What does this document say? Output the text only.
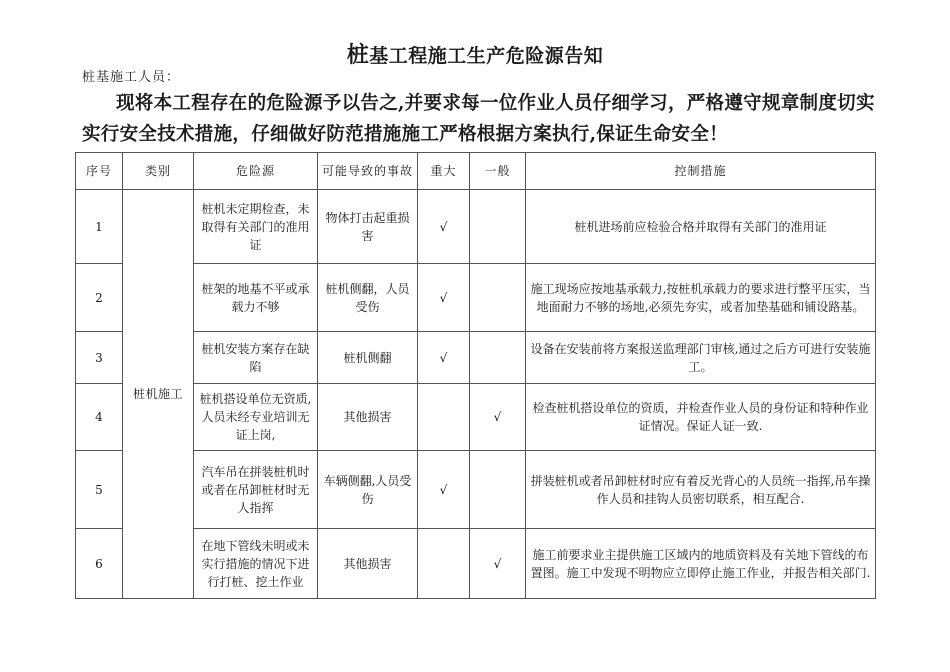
桩基工程施工生产危险源告知
桩基施工人员：
现将本工程存在的危险源予以告之,并要求每一位作业人员仔细学习，严格遵守规章制度切实实行安全技术措施，仔细做好防范措施施工严格根据方案执行,保证生命安全！
序号	类别	危险源	可能导致的事故	重大	一般	控制措施
1	桩机施工	桩机未定期检查，未取得有关部门的准用证	物体打击起重损害	√		桩机进场前应检验合格并取得有关部门的准用证
2		桩架的地基不平或承载力不够	桩机侧翻，人员受伤	√		施工现场应按地基承载力,按桩机承载力的要求进行整平压实，当地面耐力不够的场地,必须先夯实，或者加垫基础和铺设路基。
3		桩机安装方案存在缺陷	桩机侧翻	√		设备在安装前将方案报送监理部门审核,通过之后方可进行安装施工。
4		桩机搭设单位无资质,人员未经专业培训无证上岗,	其他损害		√	检查桩机搭设单位的资质，并检查作业人员的身份证和特种作业证情况。保证人证一致.
5		汽车吊在拼装桩机时或者在吊卸桩材时无人指挥	车辆侧翻,人员受伤	√		拼装桩机或者吊卸桩材时应有着反光背心的人员统一指挥,吊车操作人员和挂钩人员密切联系，相互配合.
6		在地下管线未明或未实行措施的情况下进行打桩、挖土作业	其他损害		√	施工前要求业主提供施工区域内的地质资料及有关地下管线的布置图。施工中发现不明物应立即停止施工作业，并报告相关部门.
